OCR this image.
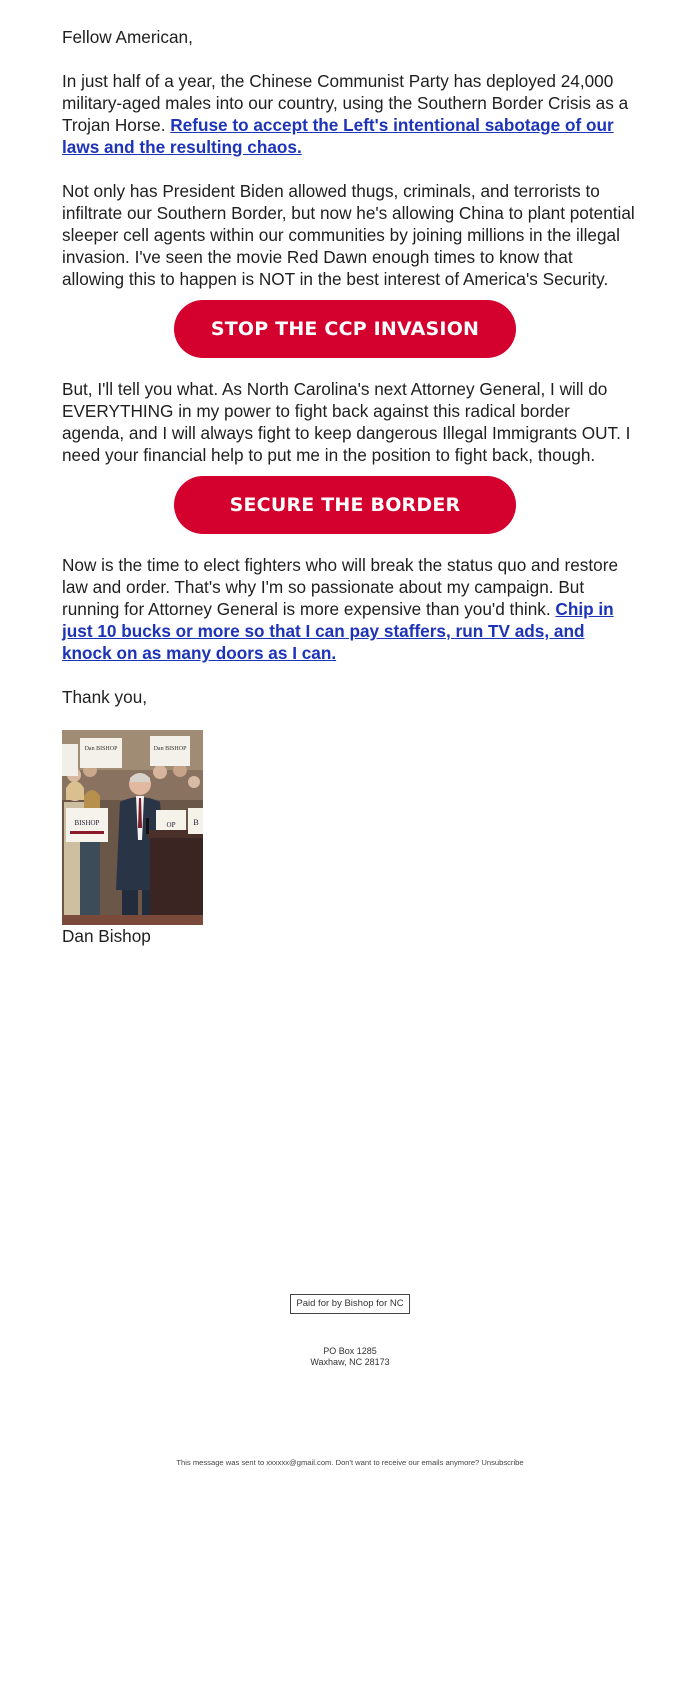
Fellow American,

In just half of a year, the Chinese Communist Party has deployed 24,000 military-aged males into our country, using the Southern Border Crisis as a Trojan Horse. Refuse to accept the Left's intentional sabotage of our laws and the resulting chaos.

Not only has President Biden allowed thugs, criminals, and terrorists to infiltrate our Southern Border, but now he's allowing China to plant potential sleeper cell agents within our communities by joining millions in the illegal invasion. I've seen the movie Red Dawn enough times to know that allowing this to happen is NOT in the best interest of America's Security.

STOP THE CCP INVASION

But, I'll tell you what. As North Carolina's next Attorney General, I will do EVERYTHING in my power to fight back against this radical border agenda, and I will always fight to keep dangerous Illegal Immigrants OUT. I need your financial help to put me in the position to fight back, though.

SECURE THE BORDER

Now is the time to elect fighters who will break the status quo and restore law and order. That's why I'm so passionate about my campaign. But running for Attorney General is more expensive than you'd think. Chip in just 10 bucks or more so that I can pay staffers, run TV ads, and knock on as many doors as I can.

Thank you,

Dan BISHOP	Dan BISHOP
BISHOP	OP B

Dan Bishop

Paid for by Bishop for NC
PO Box 1285
Waxhaw, NC 28173
This message was sent to xxxxxx@gmail.com. Don't want to receive our emails anymore? Unsubscribe
